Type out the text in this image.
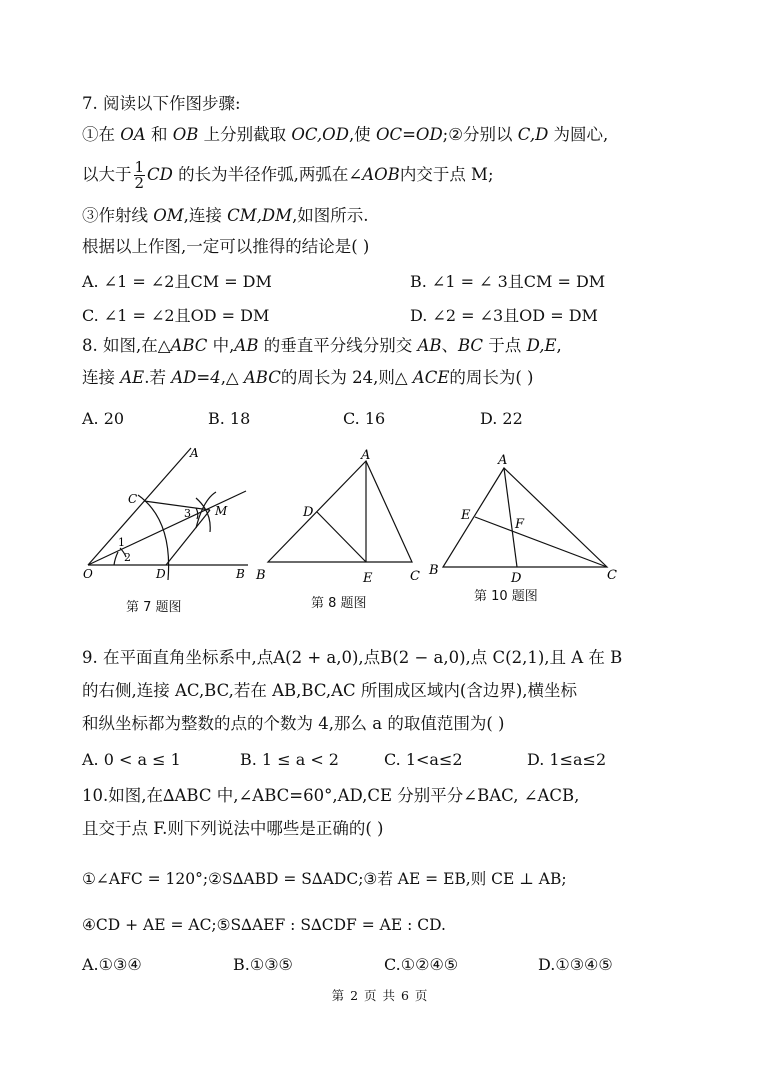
7. 阅读以下作图步骤:
①在 OA 和 OB 上分别截取 OC,OD,使 OC=OD;②分别以 C,D 为圆心,
以大于 $\frac{1}{2}$ CD 的长为半径作弧,两弧在∠AOB内交于点 M;
③作射线 OM,连接 CM,DM,如图所示.
根据以上作图,一定可以推得的结论是( )
A. ∠1 = ∠2且CM = DM	B. ∠1 = ∠ 3且CM = DM
C. ∠1 = ∠2且OD = DM	D. ∠2 = ∠3且OD = DM
8. 如图,在△ABC 中,AB 的垂直平分线分别交 AB、BC 于点 D,E,
连接 AE.若 AD=4,△ ABC的周长为 24,则△ ACE的周长为( )
A. 20	B. 18	C. 16	D. 22
A
C
M
O	D	B
1
2
3
第 7 题图
A
D
B	E	C
第 8 题图
A
E
F
B
D	C
第 10 题图
9. 在平面直角坐标系中,点A(2 + a,0),点B(2 − a,0),点 C(2,1),且 A 在 B
的右侧,连接 AC,BC,若在 AB,BC,AC 所围成区域内(含边界),横坐标
和纵坐标都为整数的点的个数为 4,那么 a 的取值范围为( )
A. 0 < a ≤ 1	B. 1 ≤ a < 2	C. 1<a≤2	D. 1≤a≤2
10.如图,在∆ABC 中,∠ABC=60°,AD,CE 分别平分∠BAC, ∠ACB,
且交于点 F.则下列说法中哪些是正确的( )
①∠AFC = 120°;②S∆ABD = S∆ADC;③若 AE = EB,则 CE ⊥ AB;
④CD + AE = AC;⑤S∆AEF : S∆CDF = AE : CD.
A.①③④	B.①③⑤	C.①②④⑤	D.①③④⑤
第 2 页 共 6 页
